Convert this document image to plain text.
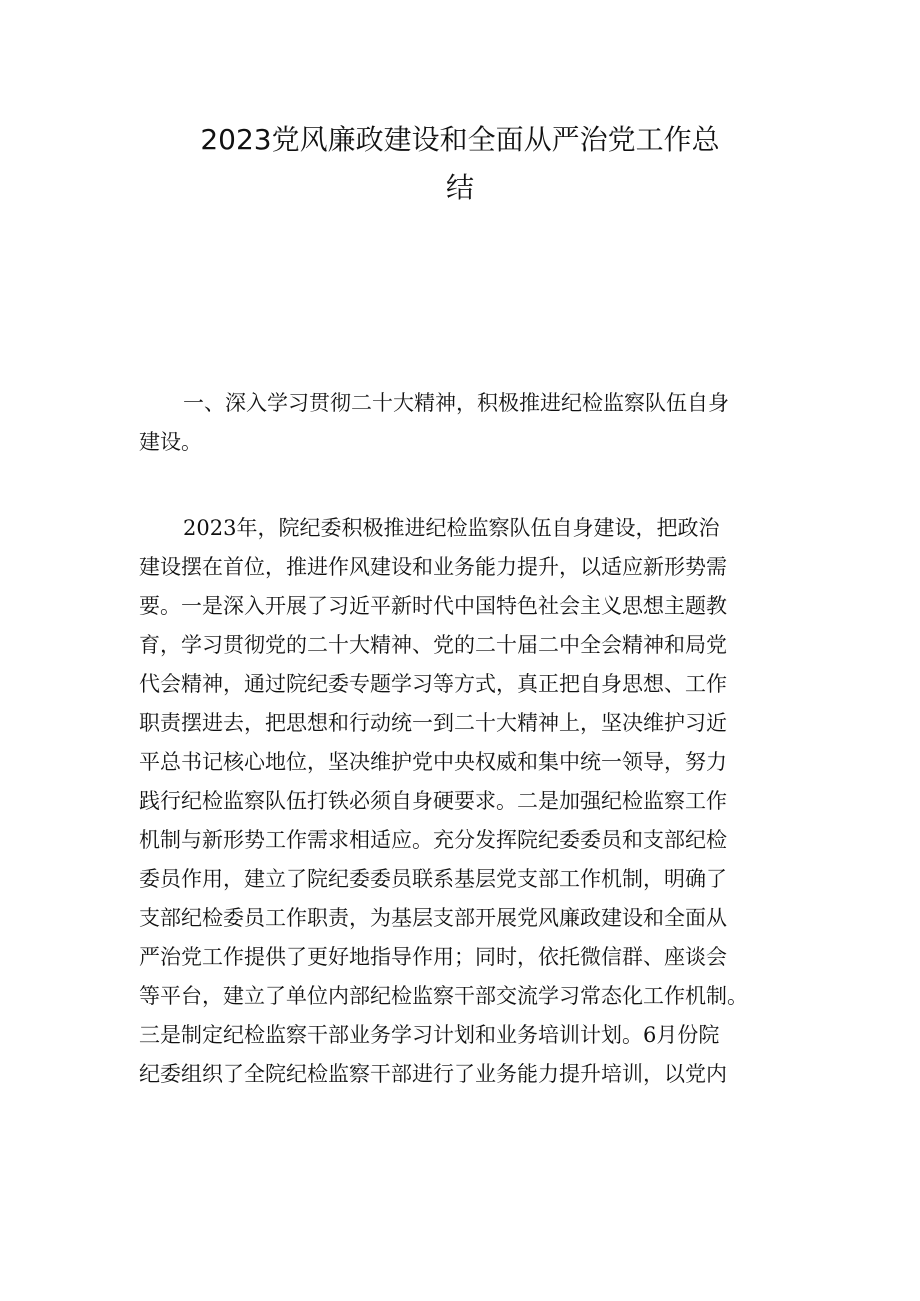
2023党风廉政建设和全面从严治党工作总
结
一、深入学习贯彻二十大精神，积极推进纪检监察队伍自身
建设。
2023年，院纪委积极推进纪检监察队伍自身建设，把政治
建设摆在首位，推进作风建设和业务能力提升，以适应新形势需
要。一是深入开展了习近平新时代中国特色社会主义思想主题教
育，学习贯彻党的二十大精神、党的二十届二中全会精神和局党
代会精神，通过院纪委专题学习等方式，真正把自身思想、工作
职责摆进去，把思想和行动统一到二十大精神上，坚决维护习近
平总书记核心地位，坚决维护党中央权威和集中统一领导，努力
践行纪检监察队伍打铁必须自身硬要求。二是加强纪检监察工作
机制与新形势工作需求相适应。充分发挥院纪委委员和支部纪检
委员作用，建立了院纪委委员联系基层党支部工作机制，明确了
支部纪检委员工作职责，为基层支部开展党风廉政建设和全面从
严治党工作提供了更好地指导作用；同时，依托微信群、座谈会
等平台，建立了单位内部纪检监察干部交流学习常态化工作机制。
三是制定纪检监察干部业务学习计划和业务培训计划。6月份院
纪委组织了全院纪检监察干部进行了业务能力提升培训，以党内
